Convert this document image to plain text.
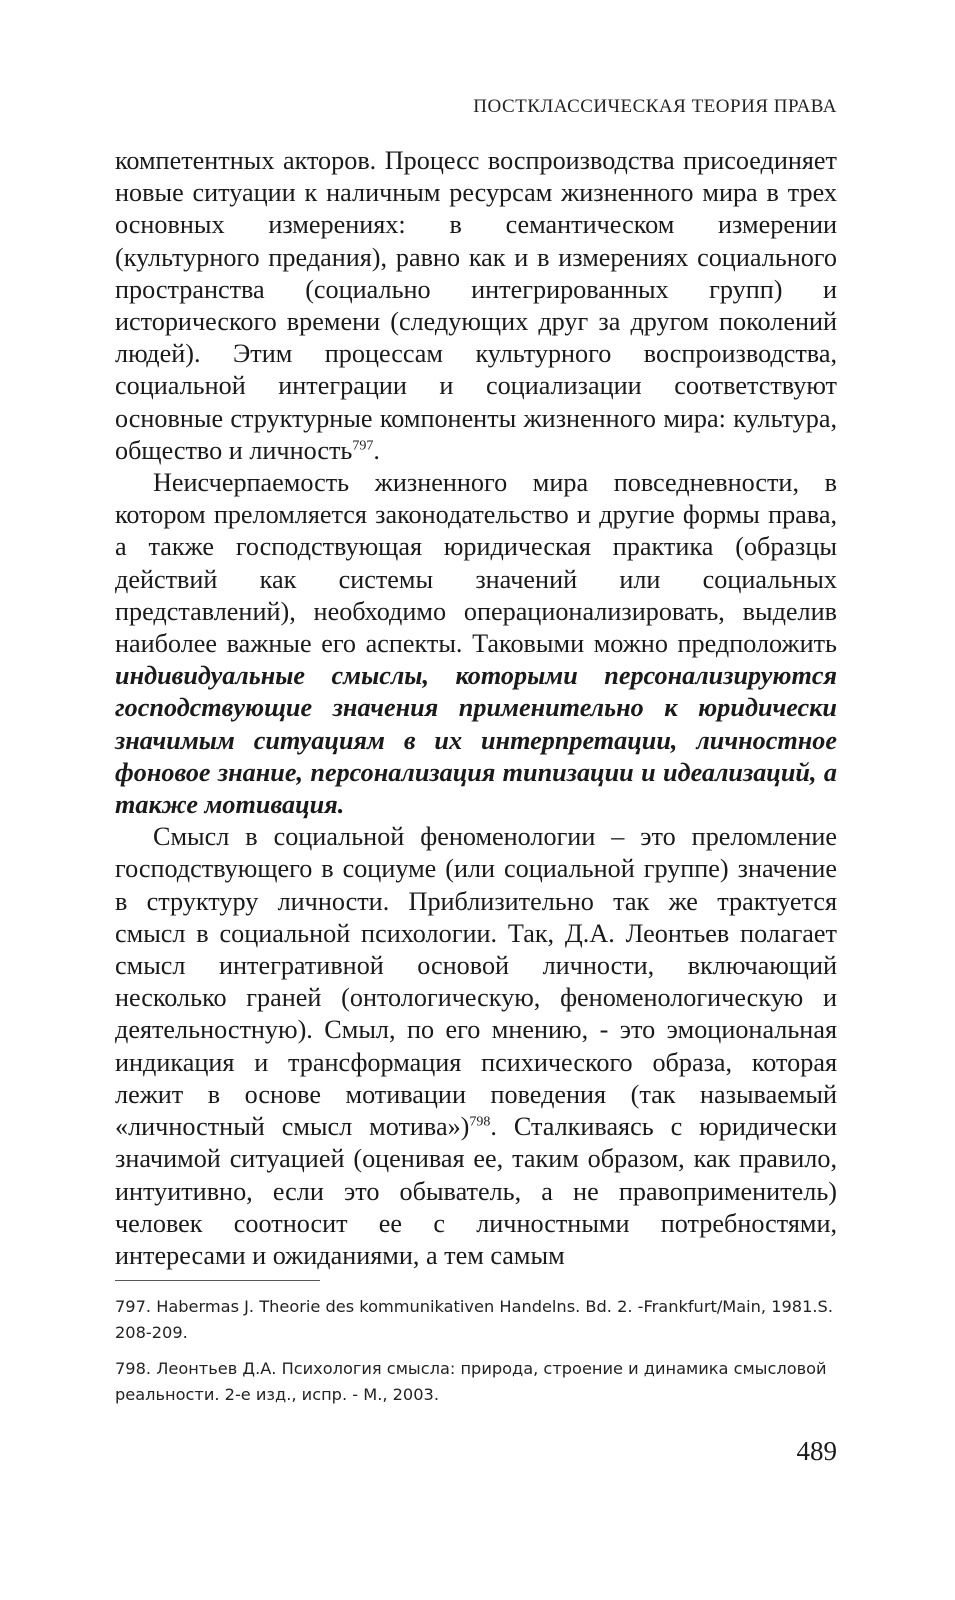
ПОСТКЛАССИЧЕСКАЯ ТЕОРИЯ ПРАВА

компетентных акторов. Процесс воспроизводства присоединяет новые ситуации к наличным ресурсам жизненного мира в трех основных измерениях: в семантическом измерении (культурного предания), равно как и в измерениях социального пространства (социально интегрированных групп) и исторического времени (следующих друг за другом поколений людей). Этим процессам культурного воспроизводства, социальной интеграции и социализации соответствуют основные структурные компоненты жизненного мира: культура, общество и личность$^{797}$.

Неисчерпаемость жизненного мира повседневности, в котором преломляется законодательство и другие формы права, а также господствующая юридическая практика (образцы действий как системы значений или социальных представлений), необходимо операционализировать, выделив наиболее важные его аспекты. Таковыми можно предположить индивидуальные смыслы, которыми персонализируются господствующие значения применительно к юридически значимым ситуациям в их интерпретации, личностное фоновое знание, персонализация типизации и идеализаций, а также мотивация.

Смысл в социальной феноменологии – это преломление господствующего в социуме (или социальной группе) значение в структуру личности. Приблизительно так же трактуется смысл в социальной психологии. Так, Д.А. Леонтьев полагает смысл интегративной основой личности, включающий несколько граней (онтологическую, феноменологическую и деятельностную). Смыл, по его мнению, - это эмоциональная индикация и трансформация психического образа, которая лежит в основе мотивации поведения (так называемый «личностный смысл мотива»)$^{798}$. Сталкиваясь с юридически значимой ситуацией (оценивая ее, таким образом, как правило, интуитивно, если это обыватель, а не правоприменитель) человек соотносит ее с личностными потребностями, интересами и ожиданиями, а тем самым

797. Habermas J. Theorie des kommunikativen Handelns. Bd. 2. -Frankfurt/Main, 1981.S. 208-209.

798. Леонтьев Д.А. Психология смысла: природа, строение и динамика смысловой реальности. 2-е изд., испр. - М., 2003.

489
